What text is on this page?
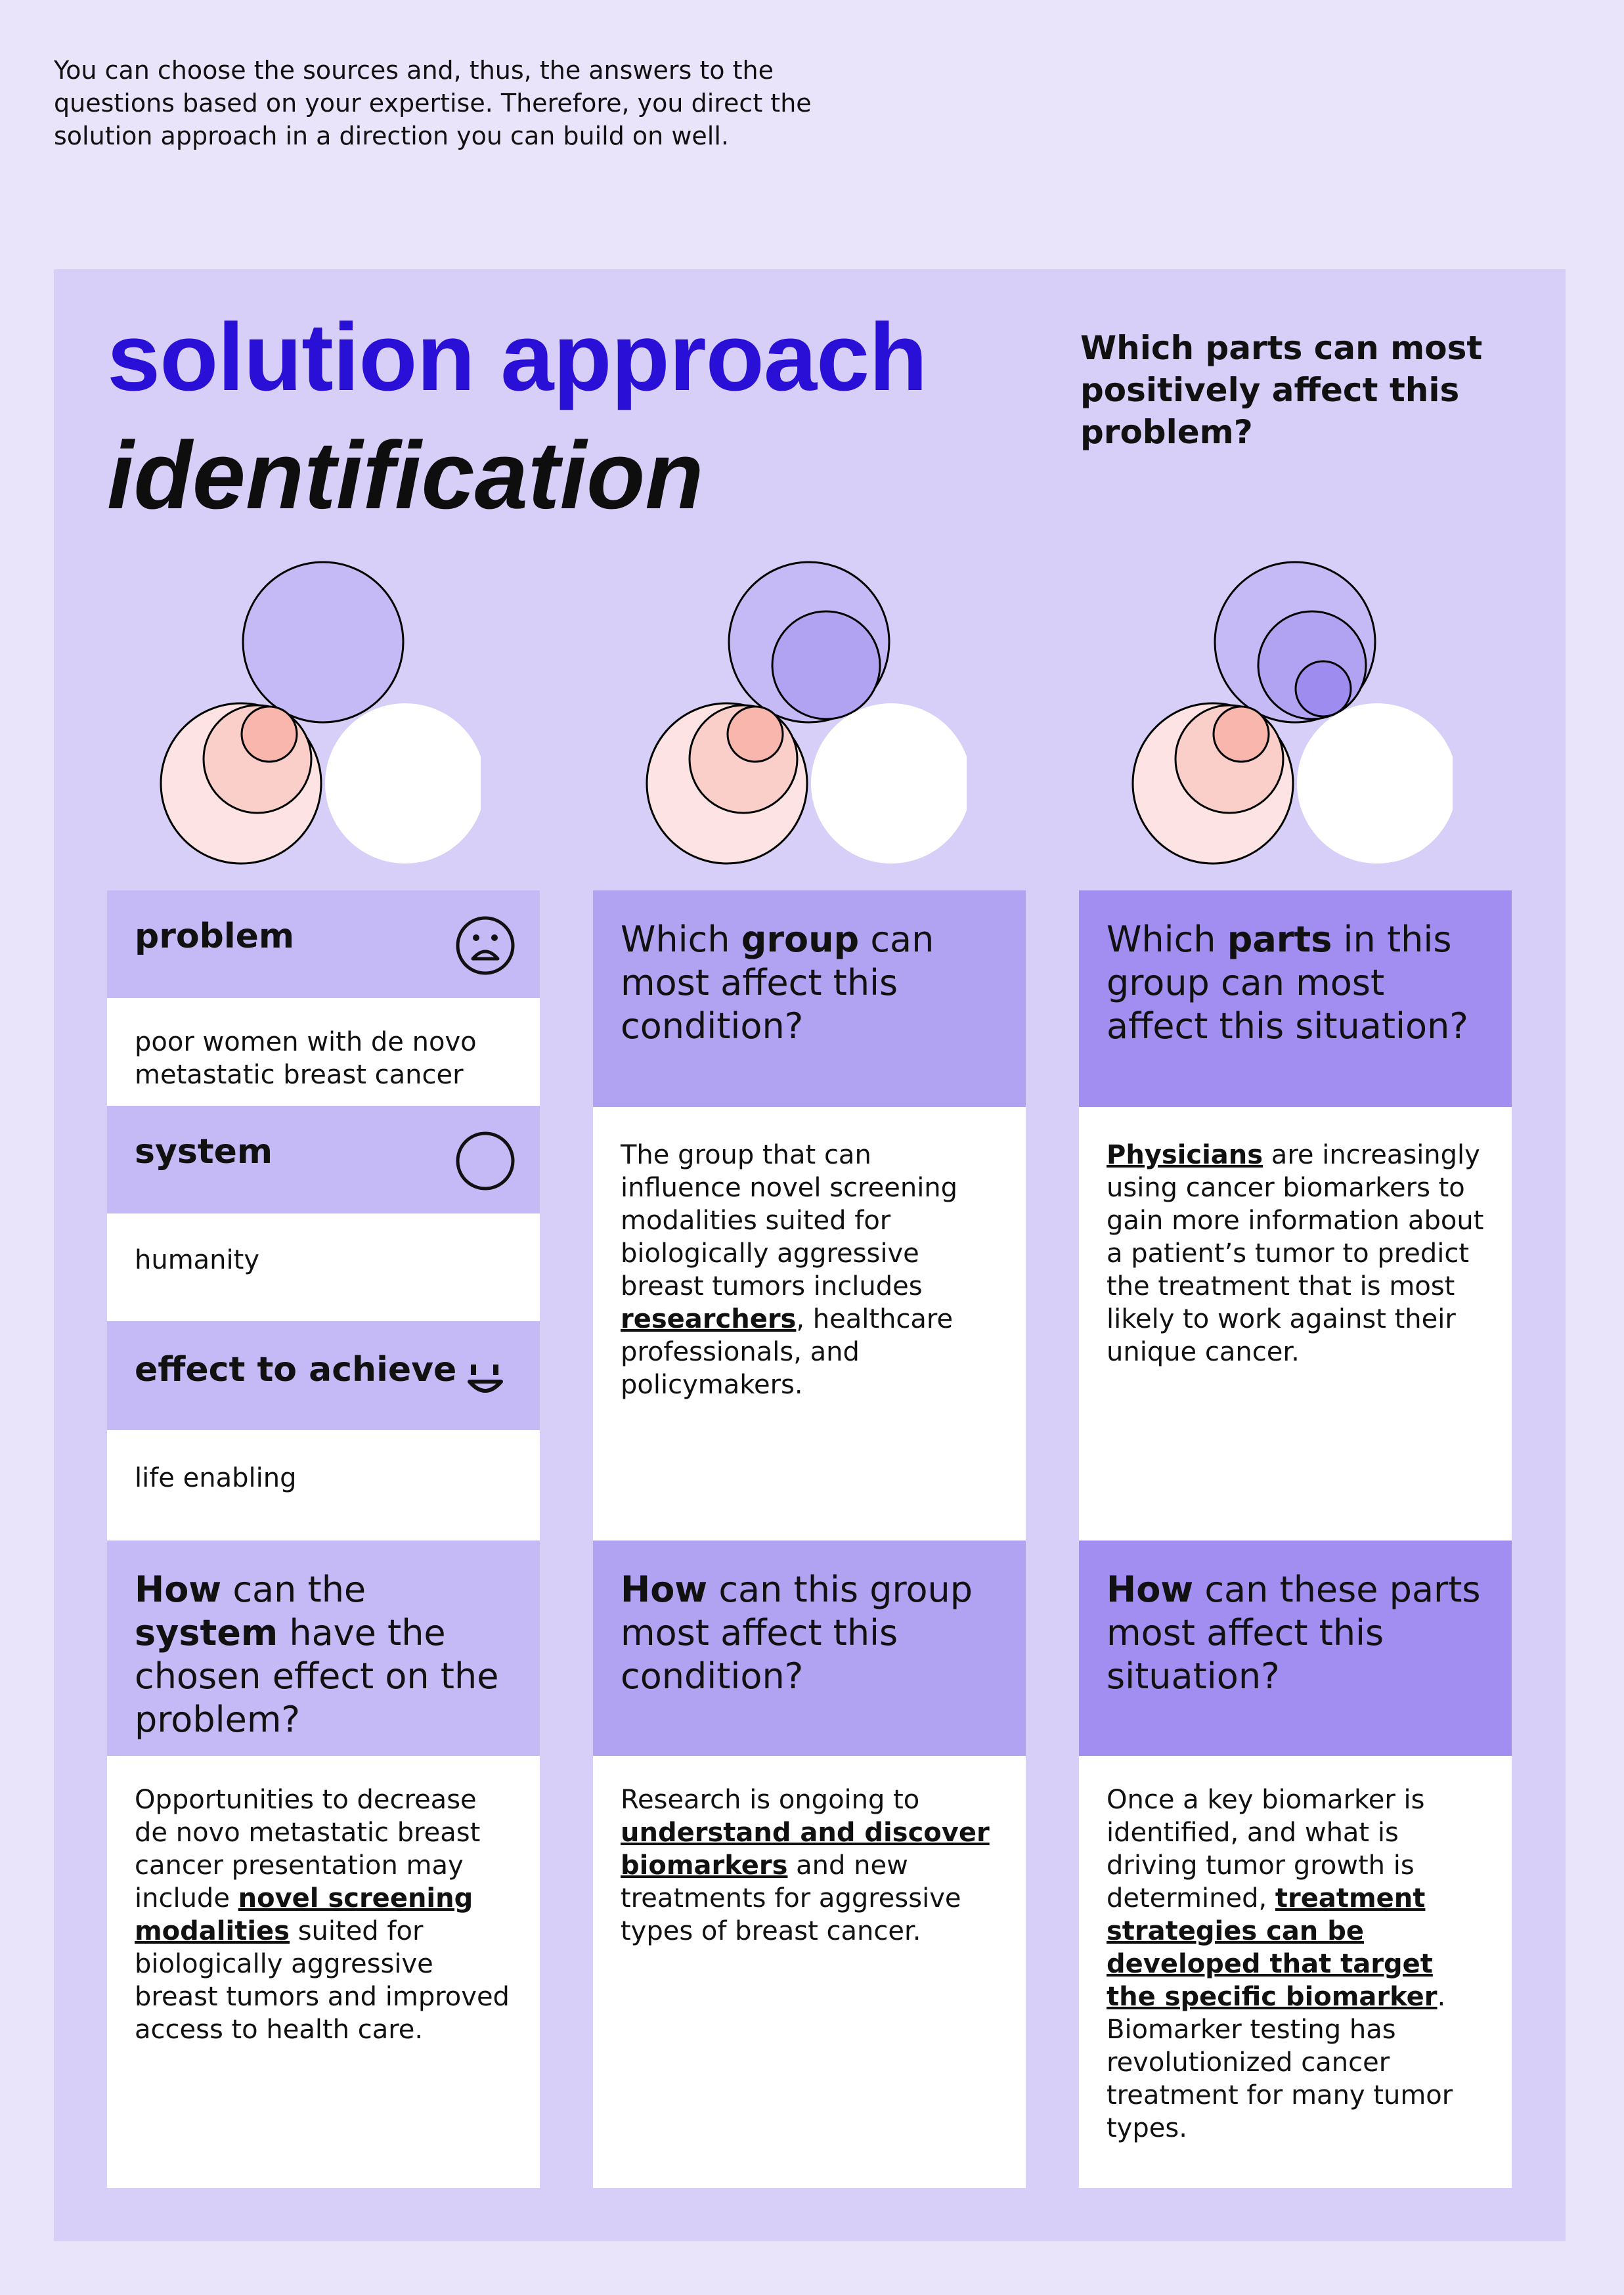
You can choose the sources and, thus, the answers to the questions based on your expertise. Therefore, you direct the solution approach in a direction you can build on well.
solution approach
identification
Which parts can most positively affect this problem?
problem
poor women with de novo metastatic breast cancer
system
humanity
effect to achieve
life enabling
How can the system have the chosen effect on the problem?
Opportunities to decrease de novo metastatic breast cancer presentation may include novel screening modalities suited for biologically aggressive breast tumors and improved access to health care.
Which group can most affect this condition?
The group that can influence novel screening modalities suited for biologically aggressive breast tumors includes researchers, healthcare professionals, and policymakers.
How can this group most affect this condition?
Research is ongoing to understand and discover biomarkers and new treatments for aggressive types of breast cancer.
Which parts in this group can most affect this situation?
Physicians are increasingly using cancer biomarkers to gain more information about a patient’s tumor to predict the treatment that is most likely to work against their unique cancer.
How can these parts most affect this situation?
Once a key biomarker is identified, and what is driving tumor growth is determined, treatment strategies can be developed that target the specific biomarker. Biomarker testing has revolutionized cancer treatment for many tumor types.
